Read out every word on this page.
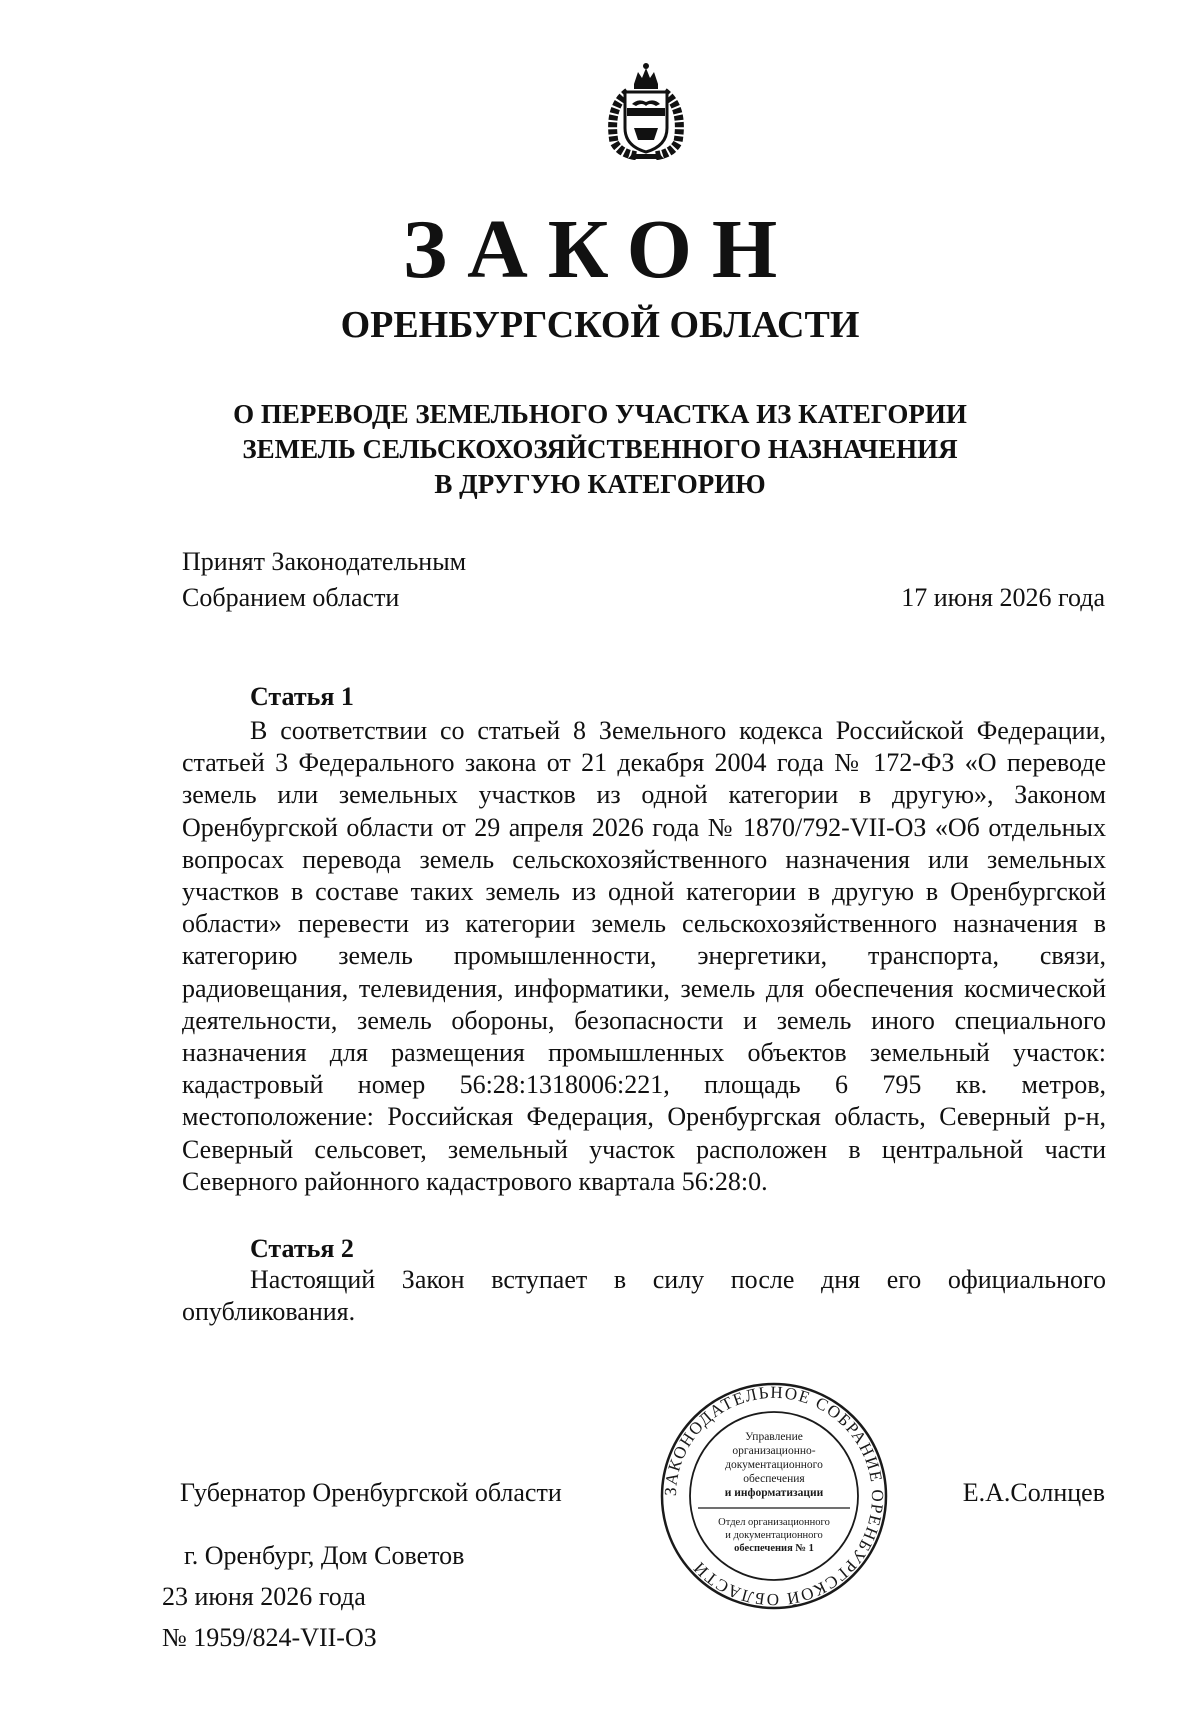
ЗАКОН
ОРЕНБУРГСКОЙ ОБЛАСТИ
О ПЕРЕВОДЕ ЗЕМЕЛЬНОГО УЧАСТКА ИЗ КАТЕГОРИИ
ЗЕМЕЛЬ СЕЛЬСКОХОЗЯЙСТВЕННОГО НАЗНАЧЕНИЯ
В ДРУГУЮ КАТЕГОРИЮ
Принят Законодательным
Собранием области	17 июня 2026 года
Статья 1

В соответствии со статьей 8 Земельного кодекса Российской Федерации, статьей 3 Федерального закона от 21 декабря 2004 года № 172-ФЗ «О переводе земель или земельных участков из одной категории в другую», Законом Оренбургской области от 29 апреля 2026 года № 1870/792-VII-ОЗ «Об отдельных вопросах перевода земель сельскохозяйственного назначения или земельных участков в составе таких земель из одной категории в другую в Оренбургской области» перевести из категории земель сельскохозяйственного назначения в категорию земель промышленности, энергетики, транспорта, связи, радиовещания, телевидения, информатики, земель для обеспечения космической деятельности, земель обороны, безопасности и земель иного специального назначения для размещения промышленных объектов земельный участок: кадастровый номер 56:28:1318006:221, площадь 6 795 кв. метров, местоположение: Российская Федерация, Оренбургская область, Северный р-н, Северный сельсовет, земельный участок расположен в центральной части Северного районного кадастрового квартала 56:28:0.

Статья 2

Настоящий Закон вступает в силу после дня его официального опубликования.

Губернатор Оренбургской области	ЗАКОНОДАТЕЛЬНОЕ СОБРАНИЕ ОРЕНБУРГСКОЙ ОБЛАСТИ
Управление
организационно-
документационного
обеспечения
и информатизации
Отдел организационного
и документационного
обеспечения № 1
Е.А.Солнцев
г. Оренбург, Дом Советов
23 июня 2026 года
№ 1959/824-VII-ОЗ
